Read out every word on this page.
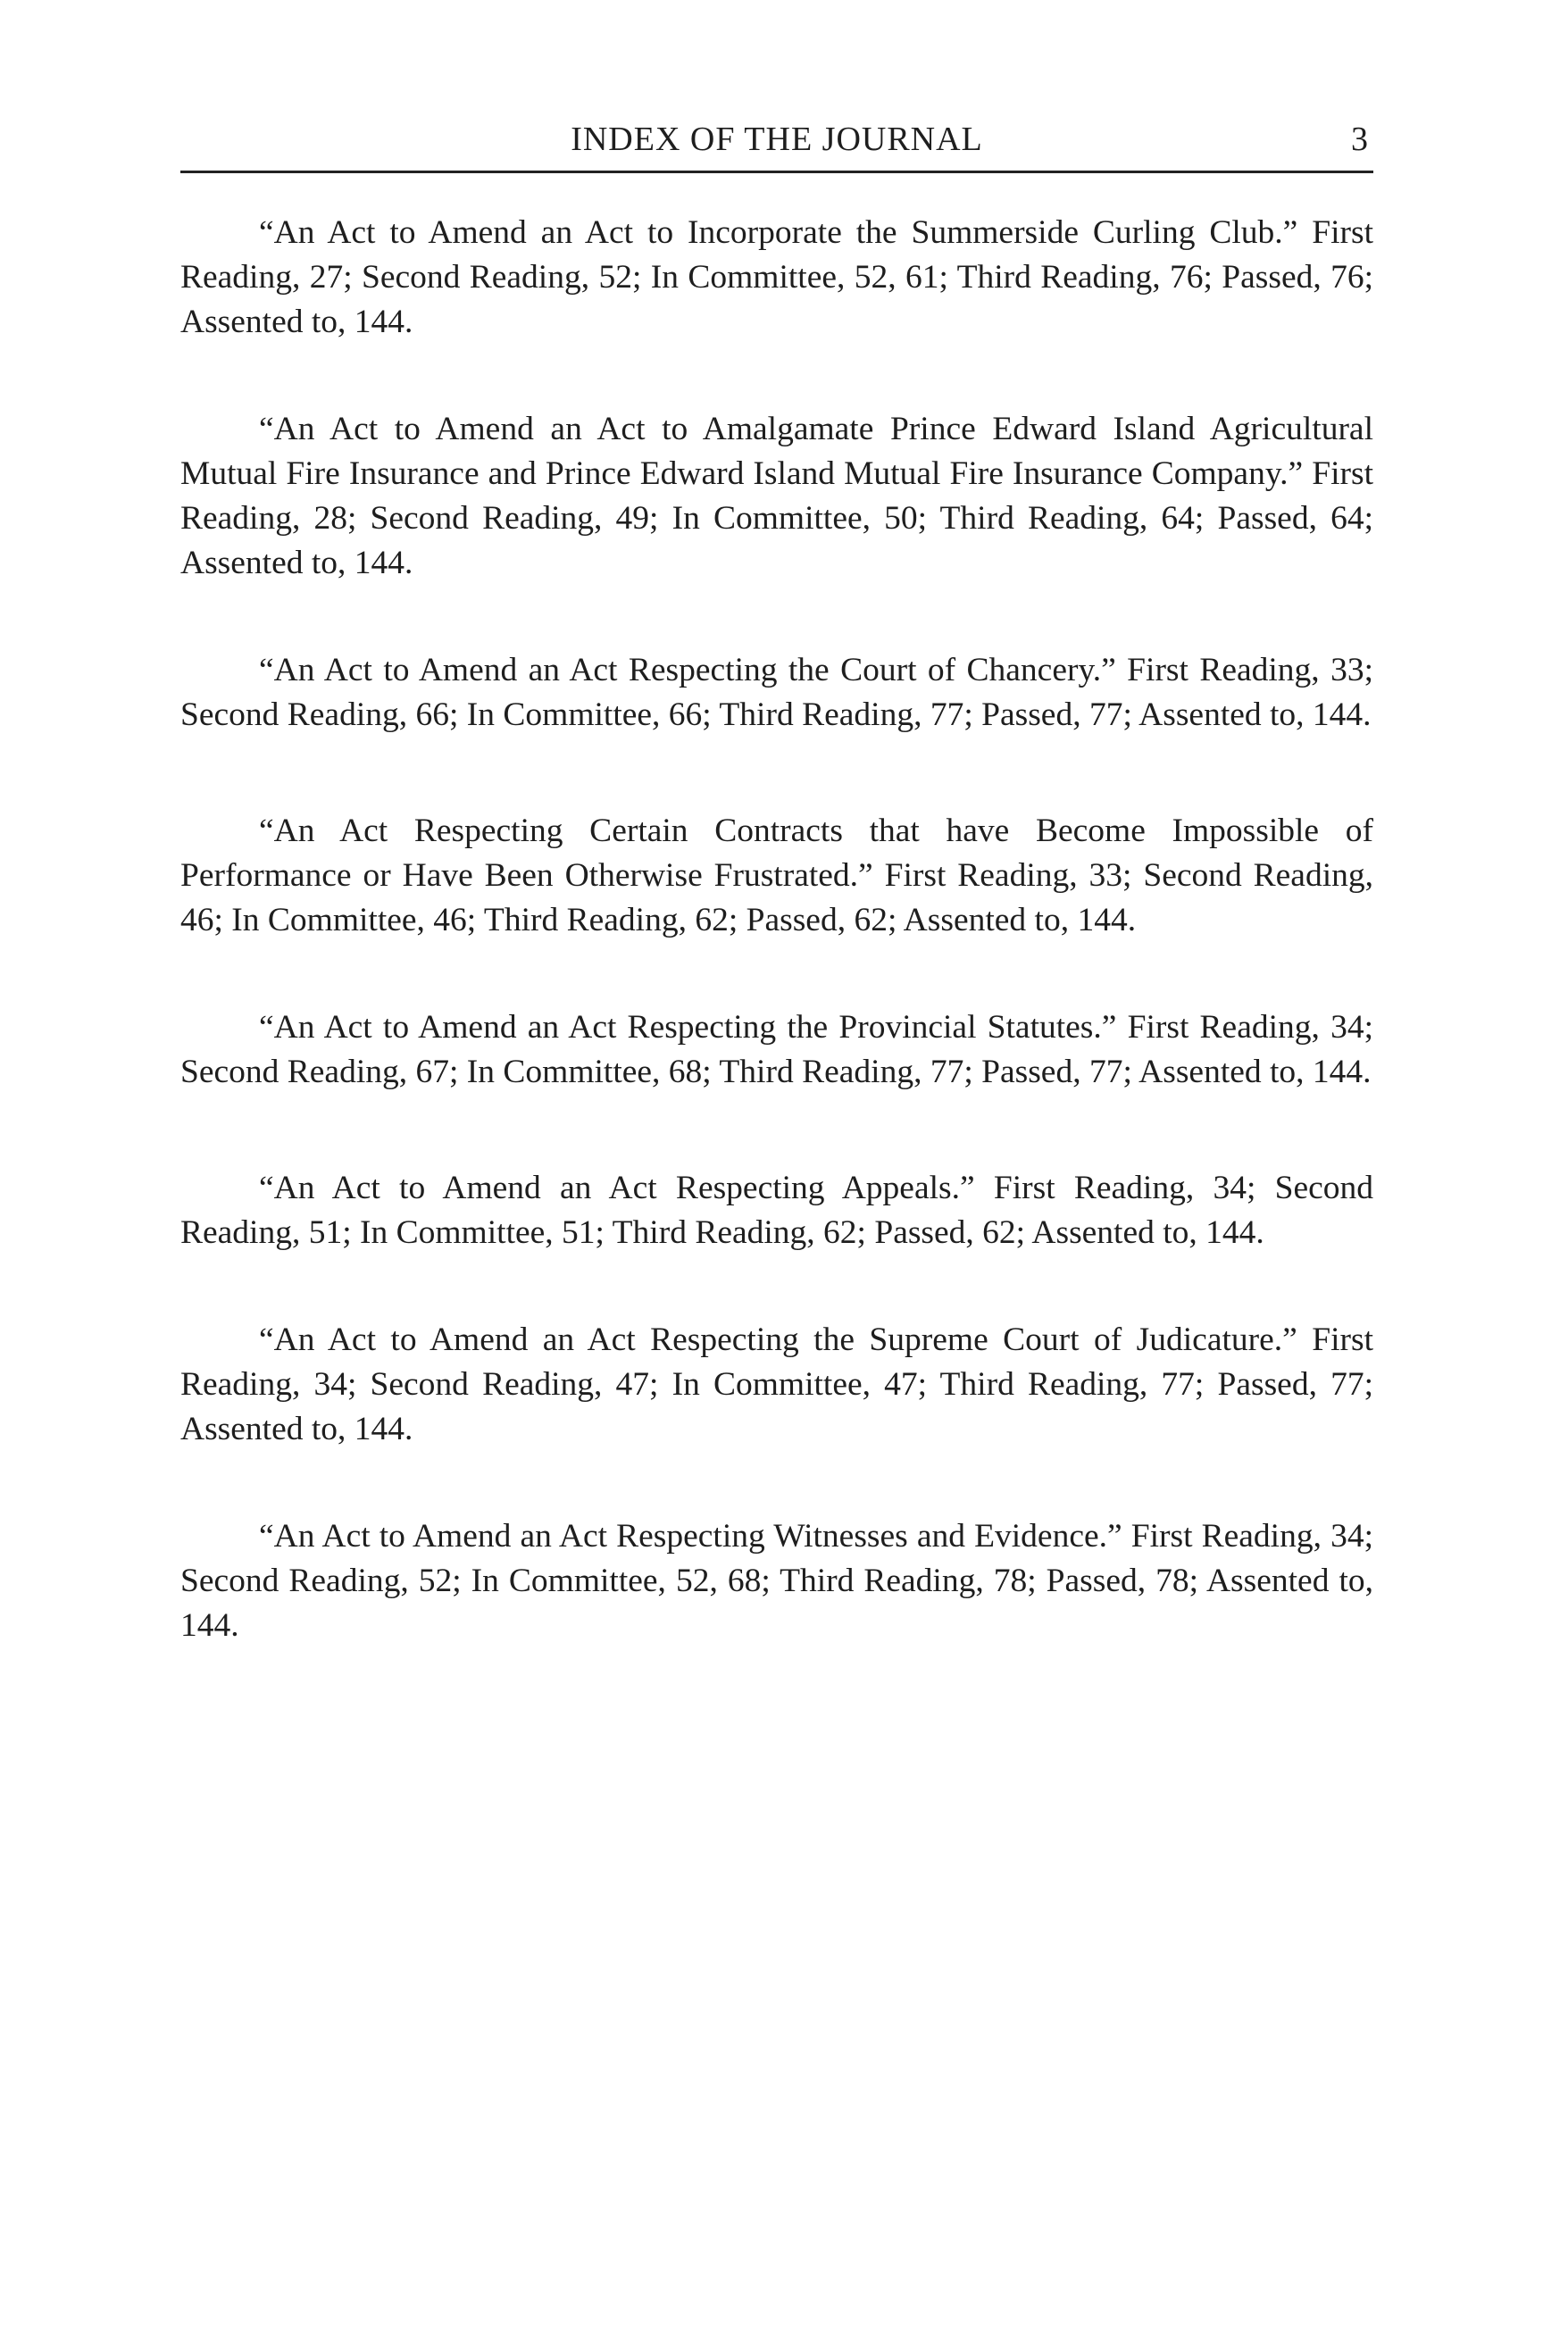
INDEX OF THE JOURNAL	3

“An Act to Amend an Act to Incorporate the Summerside Curling Club.” First Reading, 27; Second Reading, 52; In Committee, 52, 61; Third Reading, 76; Passed, 76; Assented to, 144.

“An Act to Amend an Act to Amalgamate Prince Edward Island Agricultural Mutual Fire Insurance and Prince Edward Island Mutual Fire Insurance Company.” First Reading, 28; Second Reading, 49; In Committee, 50; Third Reading, 64; Passed, 64; Assented to, 144.

“An Act to Amend an Act Respecting the Court of Chancery.” First Reading, 33; Second Reading, 66; In Committee, 66; Third Reading, 77; Passed, 77; Assented to, 144.

“An Act Respecting Certain Contracts that have Become Impossible of Performance or Have Been Otherwise Frustrated.” First Reading, 33; Second Reading, 46; In Committee, 46; Third Reading, 62; Passed, 62; Assented to, 144.

“An Act to Amend an Act Respecting the Provincial Statutes.” First Reading, 34; Second Reading, 67; In Committee, 68; Third Reading, 77; Passed, 77; Assented to, 144.

“An Act to Amend an Act Respecting Appeals.” First Reading, 34; Second Reading, 51; In Committee, 51; Third Reading, 62; Passed, 62; Assented to, 144.

“An Act to Amend an Act Respecting the Supreme Court of Judicature.” First Reading, 34; Second Reading, 47; In Committee, 47; Third Reading, 77; Passed, 77; Assented to, 144.

“An Act to Amend an Act Respecting Witnesses and Evidence.” First Reading, 34; Second Reading, 52; In Committee, 52, 68; Third Reading, 78; Passed, 78; Assented to, 144.
